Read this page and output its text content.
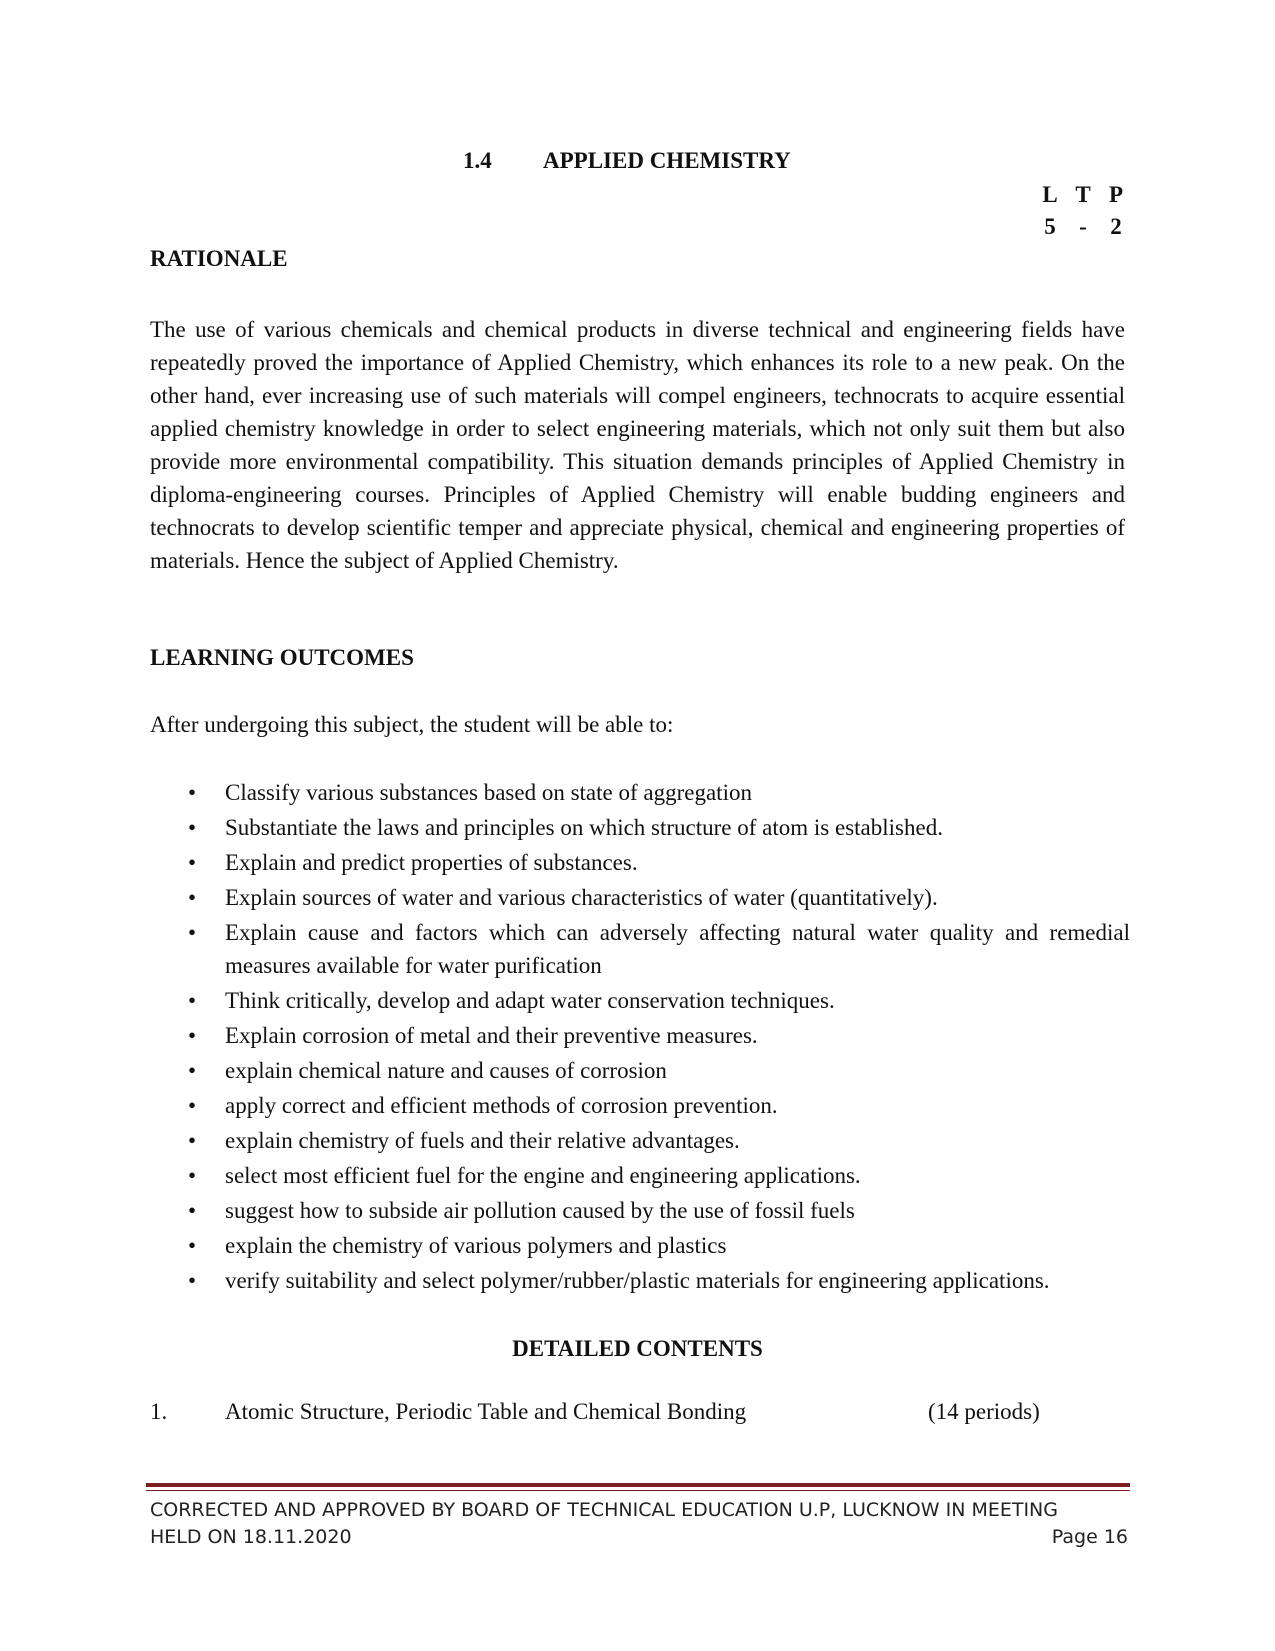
1.4 APPLIED CHEMISTRY
L T P
5	-	2
RATIONALE
The use of various chemicals and chemical products in diverse technical and engineering fields have repeatedly proved the importance of Applied Chemistry, which enhances its role to a new peak. On the other hand, ever increasing use of such materials will compel engineers, technocrats to acquire essential applied chemistry knowledge in order to select engineering materials, which not only suit them but also provide more environmental compatibility. This situation demands principles of Applied Chemistry in diploma-engineering courses. Principles of Applied Chemistry will enable budding engineers and technocrats to develop scientific temper and appreciate physical, chemical and engineering properties of materials. Hence the subject of Applied Chemistry.
LEARNING OUTCOMES
After undergoing this subject, the student will be able to:
• Classify various substances based on state of aggregation
• Substantiate the laws and principles on which structure of atom is established.
• Explain and predict properties of substances.
• Explain sources of water and various characteristics of water (quantitatively).
• Explain cause and factors which can adversely affecting natural water quality and remedial measures available for water purification
• Think critically, develop and adapt water conservation techniques.
• Explain corrosion of metal and their preventive measures.
• explain chemical nature and causes of corrosion
• apply correct and efficient methods of corrosion prevention.
• explain chemistry of fuels and their relative advantages.
• select most efficient fuel for the engine and engineering applications.
• suggest how to subside air pollution caused by the use of fossil fuels
• explain the chemistry of various polymers and plastics
• verify suitability and select polymer/rubber/plastic materials for engineering applications.
DETAILED CONTENTS
1.	Atomic Structure, Periodic Table and Chemical Bonding	(14 periods)
CORRECTED AND APPROVED BY BOARD OF TECHNICAL EDUCATION U.P, LUCKNOW IN MEETING
HELD ON 18.11.2020	Page 16
